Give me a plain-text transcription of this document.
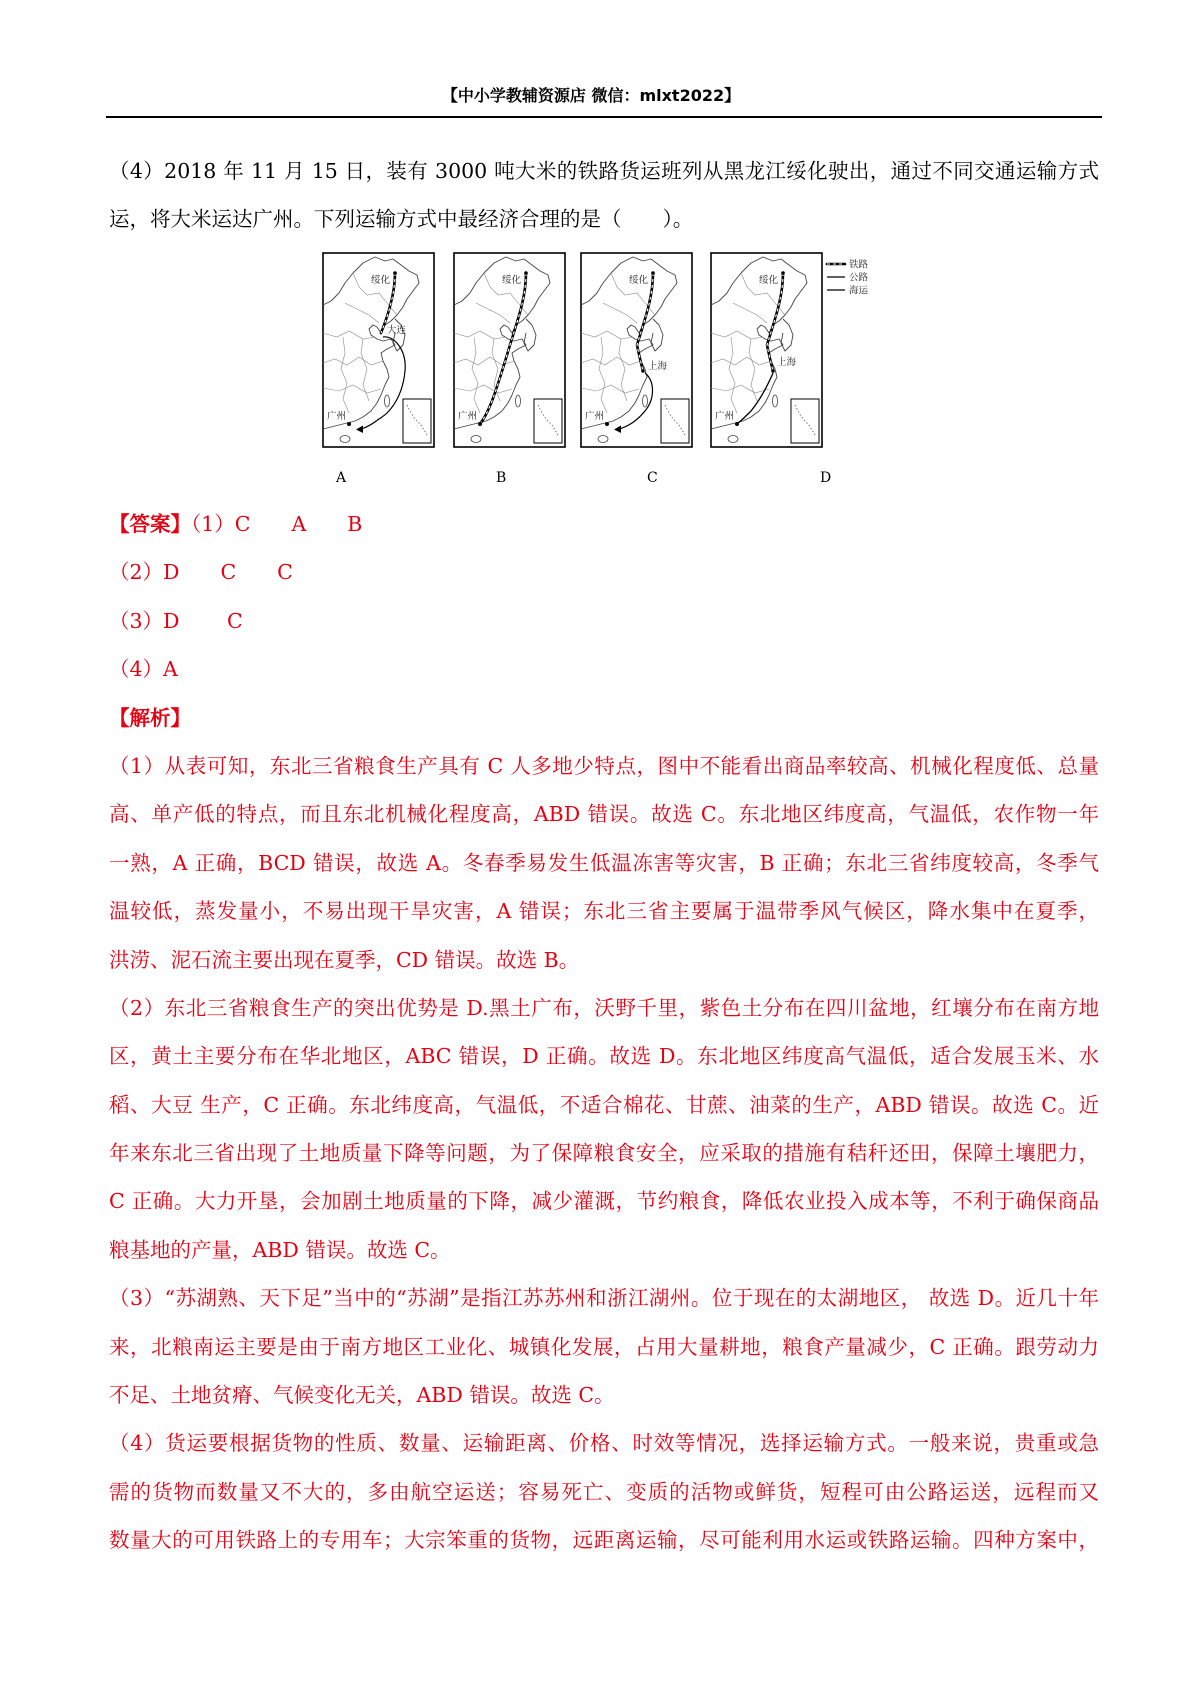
【中小学教辅资源店 微信：mlxt2022】
（4）2018 年 11 月 15 日，装有 3000 吨大米的铁路货运班列从黑龙江绥化驶出，通过不同交通运输方式
运，将大米运达广州。下列运输方式中最经济合理的是（　　）。
绥化
大连
广州
绥化
广州
绥化
上海
广州
绥化
上海
广州
铁路
公路
海运
A	B	C	D
【答案】（1）C　　A　　B
（2）D　　C　　C
（3）D　　 C
（4）A
【解析】
（1）从表可知，东北三省粮食生产具有 C 人多地少特点，图中不能看出商品率较高、机械化程度低、总量
高、单产低的特点，而且东北机械化程度高，ABD 错误。故选 C。东北地区纬度高，气温低，农作物一年
一熟，A 正确，BCD 错误，故选 A。冬春季易发生低温冻害等灾害，B 正确；东北三省纬度较高，冬季气
温较低，蒸发量小，不易出现干旱灾害，A 错误；东北三省主要属于温带季风气候区，降水集中在夏季，
洪涝、泥石流主要出现在夏季，CD 错误。故选 B。
（2）东北三省粮食生产的突出优势是 D.黑土广布，沃野千里，紫色土分布在四川盆地，红壤分布在南方地
区，黄土主要分布在华北地区，ABC 错误，D 正确。故选 D。东北地区纬度高气温低，适合发展玉米、水
稻、大豆 生产，C 正确。东北纬度高，气温低，不适合棉花、甘蔗、油菜的生产，ABD 错误。故选 C。近
年来东北三省出现了土地质量下降等问题，为了保障粮食安全，应采取的措施有秸秆还田，保障土壤肥力，
C 正确。大力开垦，会加剧土地质量的下降，减少灌溉，节约粮食，降低农业投入成本等，不利于确保商品
粮基地的产量，ABD 错误。故选 C。
（3）“苏湖熟、天下足”当中的“苏湖”是指江苏苏州和浙江湖州。位于现在的太湖地区， 故选 D。近几十年
来，北粮南运主要是由于南方地区工业化、城镇化发展，占用大量耕地，粮食产量减少，C 正确。跟劳动力
不足、土地贫瘠、气候变化无关，ABD 错误。故选 C。
（4）货运要根据货物的性质、数量、运输距离、价格、时效等情况，选择运输方式。一般来说，贵重或急
需的货物而数量又不大的，多由航空运送；容易死亡、变质的活物或鲜货，短程可由公路运送，远程而又
数量大的可用铁路上的专用车；大宗笨重的货物，远距离运输，尽可能利用水运或铁路运输。四种方案中，
